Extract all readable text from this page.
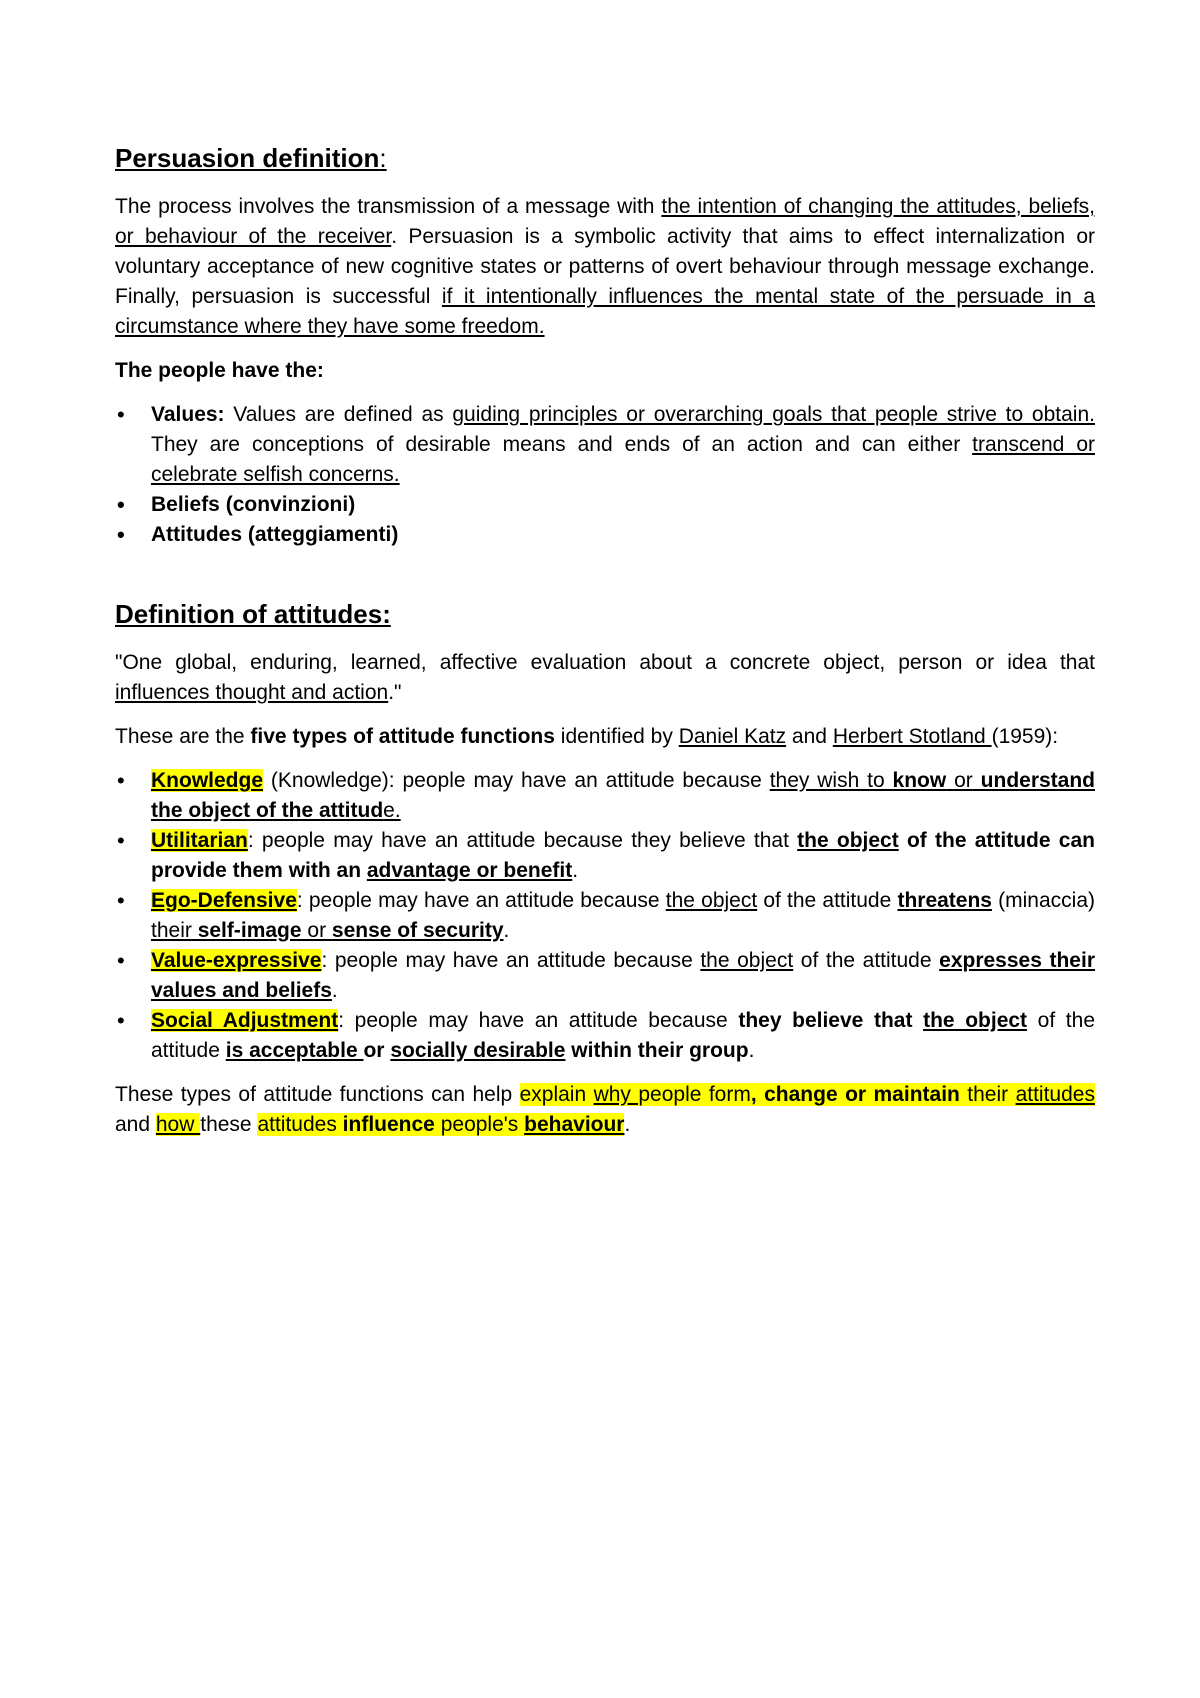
Persuasion definition:

The process involves the transmission of a message with the intention of changing the attitudes, beliefs, or behaviour of the receiver. Persuasion is a symbolic activity that aims to effect internalization or voluntary acceptance of new cognitive states or patterns of overt behaviour through message exchange. Finally, persuasion is successful if it intentionally influences the mental state of the persuade in a circumstance where they have some freedom.

The people have the:
• Values: Values are defined as guiding principles or overarching goals that people strive to obtain. They are conceptions of desirable means and ends of an action and can either transcend or celebrate selfish concerns.
• Beliefs (convinzioni)
• Attitudes (atteggiamenti)
Definition of attitudes:

"One global, enduring, learned, affective evaluation about a concrete object, person or idea that influences thought and action."

These are the five types of attitude functions identified by Daniel Katz and Herbert Stotland (1959):

• Knowledge (Knowledge): people may have an attitude because they wish to know or understand the object of the attitude.
• Utilitarian: people may have an attitude because they believe that the object of the attitude can provide them with an advantage or benefit.
• Ego-Defensive: people may have an attitude because the object of the attitude threatens (minaccia) their self-image or sense of security.
• Value-expressive: people may have an attitude because the object of the attitude expresses their values and beliefs.
• Social Adjustment: people may have an attitude because they believe that the object of the attitude is acceptable or socially desirable within their group.

These types of attitude functions can help explain why people form, change or maintain their attitudes and how these attitudes influence people's behaviour.
